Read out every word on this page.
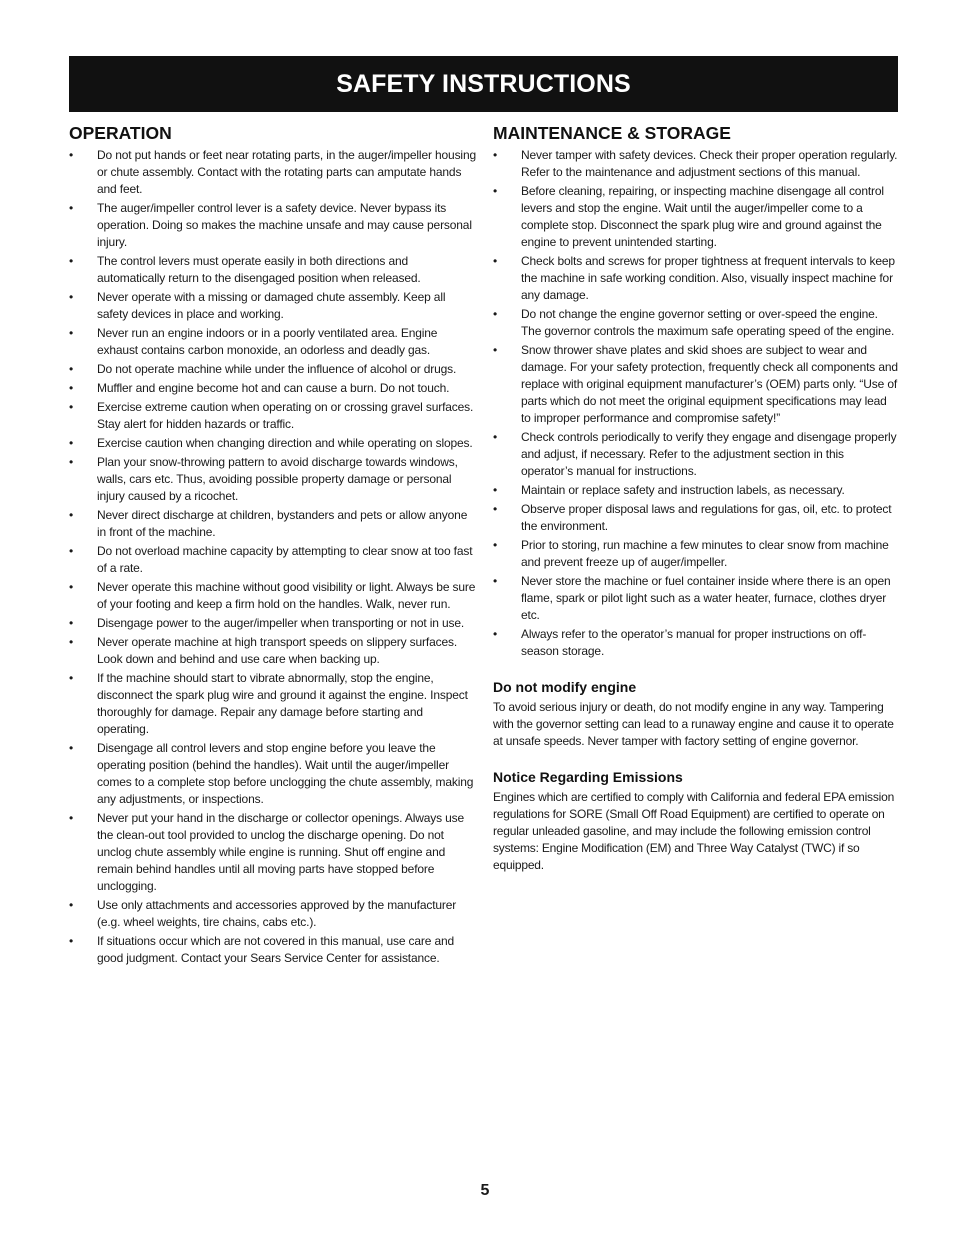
SAFETY INSTRUCTIONS
OPERATION
• Do not put hands or feet near rotating parts, in the auger/impeller housing or chute assembly. Contact with the rotating parts can amputate hands and feet.
• The auger/impeller control lever is a safety device. Never bypass its operation. Doing so makes the machine unsafe and may cause personal injury.
• The control levers must operate easily in both directions and automatically return to the disengaged position when released.
• Never operate with a missing or damaged chute assembly. Keep all safety devices in place and working.
• Never run an engine indoors or in a poorly ventilated area. Engine exhaust contains carbon monoxide, an odorless and deadly gas.
• Do not operate machine while under the influence of alcohol or drugs.
• Muffler and engine become hot and can cause a burn. Do not touch.
• Exercise extreme caution when operating on or crossing gravel surfaces. Stay alert for hidden hazards or traffic.
• Exercise caution when changing direction and while operating on slopes.
• Plan your snow-throwing pattern to avoid discharge towards windows, walls, cars etc. Thus, avoiding possible property damage or personal injury caused by a ricochet.
• Never direct discharge at children, bystanders and pets or allow anyone in front of the machine.
• Do not overload machine capacity by attempting to clear snow at too fast of a rate.
• Never operate this machine without good visibility or light. Always be sure of your footing and keep a firm hold on the handles. Walk, never run.
• Disengage power to the auger/impeller when transporting or not in use.
• Never operate machine at high transport speeds on slippery surfaces. Look down and behind and use care when backing up.
• If the machine should start to vibrate abnormally, stop the engine, disconnect the spark plug wire and ground it against the engine. Inspect thoroughly for damage. Repair any damage before starting and operating.
• Disengage all control levers and stop engine before you leave the operating position (behind the handles). Wait until the auger/impeller comes to a complete stop before unclogging the chute assembly, making any adjustments, or inspections.
• Never put your hand in the discharge or collector openings. Always use the clean-out tool provided to unclog the discharge opening. Do not unclog chute assembly while engine is running. Shut off engine and remain behind handles until all moving parts have stopped before unclogging.
• Use only attachments and accessories approved by the manufacturer (e.g. wheel weights, tire chains, cabs etc.).
• If situations occur which are not covered in this manual, use care and good judgment. Contact your Sears Service Center for assistance.
MAINTENANCE & STORAGE
• Never tamper with safety devices. Check their proper operation regularly. Refer to the maintenance and adjustment sections of this manual.
• Before cleaning, repairing, or inspecting machine disengage all control levers and stop the engine. Wait until the auger/impeller come to a complete stop. Disconnect the spark plug wire and ground against the engine to prevent unintended starting.
• Check bolts and screws for proper tightness at frequent intervals to keep the machine in safe working condition. Also, visually inspect machine for any damage.
• Do not change the engine governor setting or over-speed the engine. The governor controls the maximum safe operating speed of the engine.
• Snow thrower shave plates and skid shoes are subject to wear and damage. For your safety protection, frequently check all components and replace with original equipment manufacturer’s (OEM) parts only. “Use of parts which do not meet the original equipment specifications may lead to improper performance and compromise safety!”
• Check controls periodically to verify they engage and disengage properly and adjust, if necessary. Refer to the adjustment section in this operator’s manual for instructions.
• Maintain or replace safety and instruction labels, as necessary.
• Observe proper disposal laws and regulations for gas, oil, etc. to protect the environment.
• Prior to storing, run machine a few minutes to clear snow from machine and prevent freeze up of auger/impeller.
• Never store the machine or fuel container inside where there is an open flame, spark or pilot light such as a water heater, furnace, clothes dryer etc.
• Always refer to the operator’s manual for proper instructions on off-season storage.
Do not modify engine

To avoid serious injury or death, do not modify engine in any way. Tampering with the governor setting can lead to a runaway engine and cause it to operate at unsafe speeds. Never tamper with factory setting of engine governor.

Notice Regarding Emissions

Engines which are certified to comply with California and federal EPA emission regulations for SORE (Small Off Road Equipment) are certified to operate on regular unleaded gasoline, and may include the following emission control systems: Engine Modification (EM) and Three Way Catalyst (TWC) if so equipped.

5
